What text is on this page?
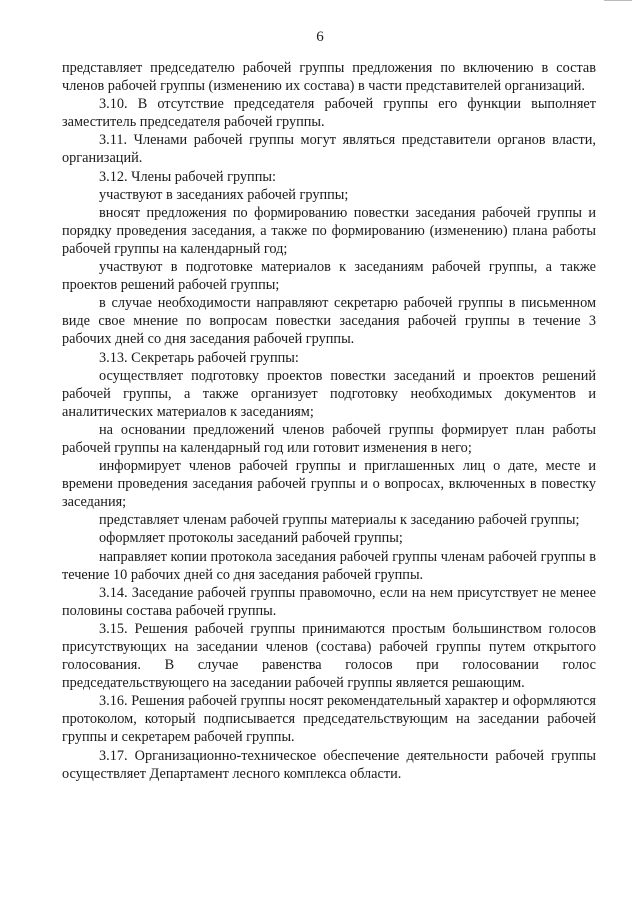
6

представляет председателю рабочей группы предложения по включению в состав членов рабочей группы (изменению их состава) в части представителей организаций.

3.10. В отсутствие председателя рабочей группы его функции выполняет заместитель председателя рабочей группы.

3.11. Членами рабочей группы могут являться представители органов власти, организаций.

3.12. Члены рабочей группы:

участвуют в заседаниях рабочей группы;

вносят предложения по формированию повестки заседания рабочей группы и порядку проведения заседания, а также по формированию (изменению) плана работы рабочей группы на календарный год;

участвуют в подготовке материалов к заседаниям рабочей группы, а также проектов решений рабочей группы;

в случае необходимости направляют секретарю рабочей группы в письменном виде свое мнение по вопросам повестки заседания рабочей группы в течение 3 рабочих дней со дня заседания рабочей группы.

3.13. Секретарь рабочей группы:

осуществляет подготовку проектов повестки заседаний и проектов решений рабочей группы, а также организует подготовку необходимых документов и аналитических материалов к заседаниям;

на основании предложений членов рабочей группы формирует план работы рабочей группы на календарный год или готовит изменения в него;

информирует членов рабочей группы и приглашенных лиц о дате, месте и времени проведения заседания рабочей группы и о вопросах, включенных в повестку заседания;

представляет членам рабочей группы материалы к заседанию рабочей группы;

оформляет протоколы заседаний рабочей группы;

направляет копии протокола заседания рабочей группы членам рабочей группы в течение 10 рабочих дней со дня заседания рабочей группы.

3.14. Заседание рабочей группы правомочно, если на нем присутствует не менее половины состава рабочей группы.

3.15. Решения рабочей группы принимаются простым большинством голосов присутствующих на заседании членов (состава) рабочей группы путем открытого голосования. В случае равенства голосов при голосовании голос председательствующего на заседании рабочей группы является решающим.

3.16. Решения рабочей группы носят рекомендательный характер и оформляются протоколом, который подписывается председательствующим на заседании рабочей группы и секретарем рабочей группы.

3.17. Организационно-техническое обеспечение деятельности рабочей группы осуществляет Департамент лесного комплекса области.
